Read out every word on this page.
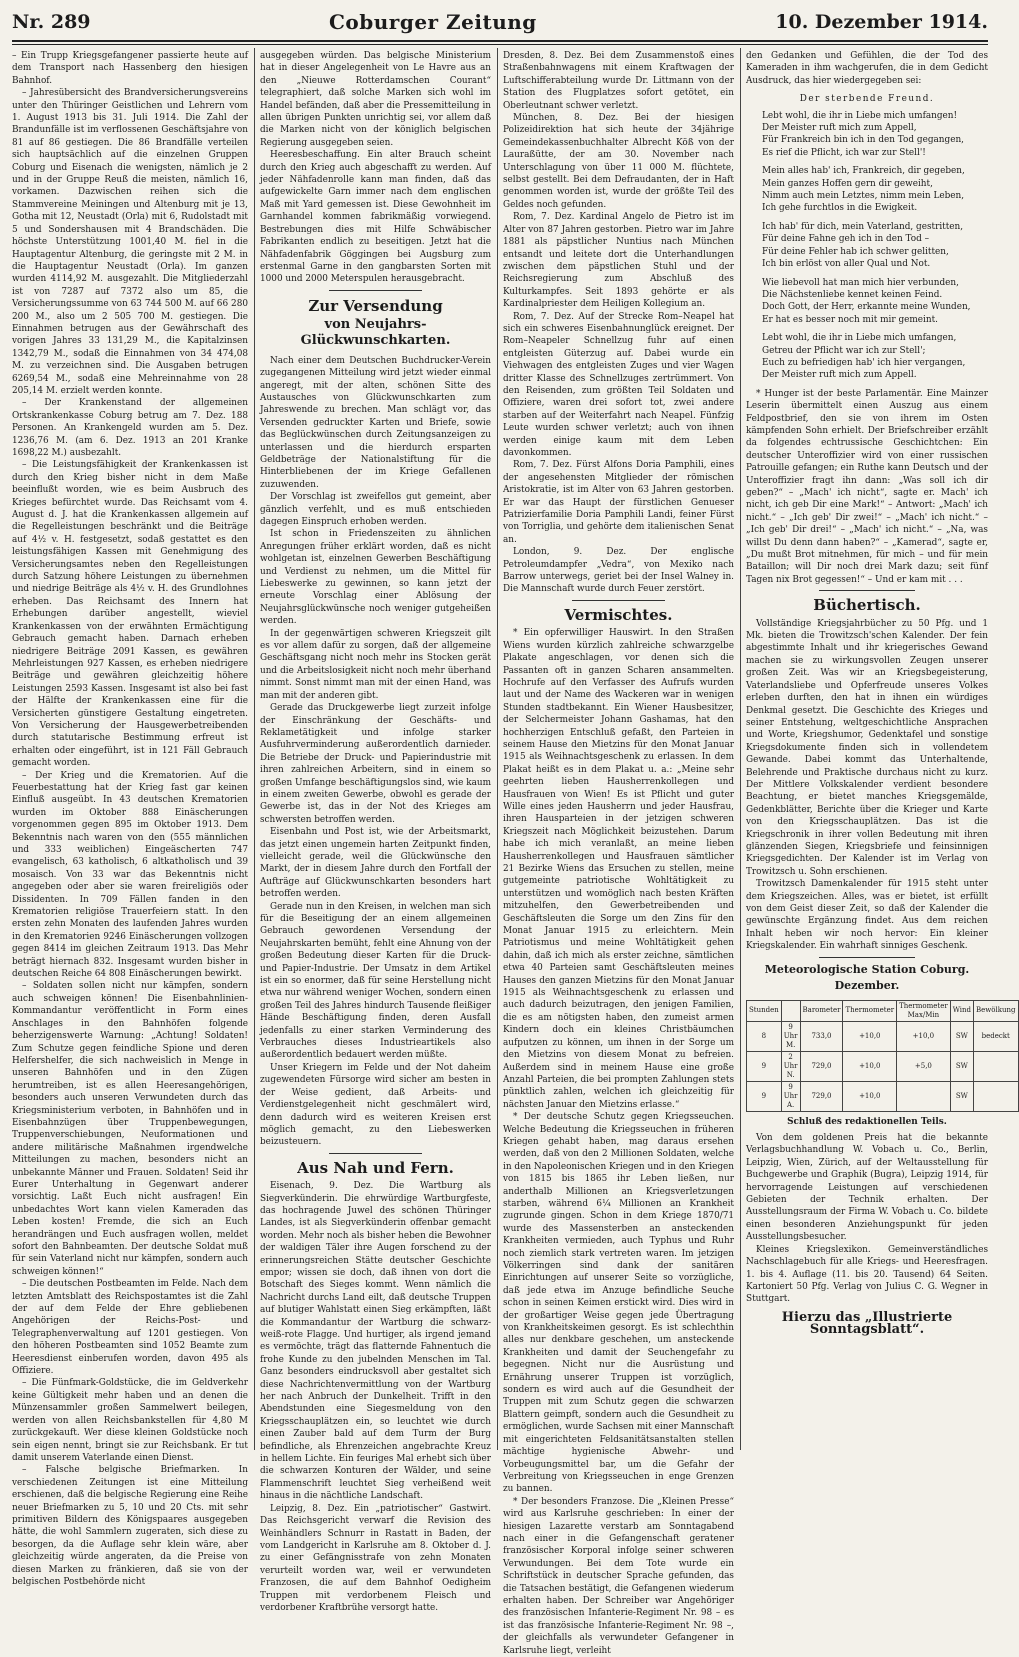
Nr. 289	Coburger Zeitung	10. Dezember 1914.

– Ein Trupp Kriegsgefangener passierte heute auf dem Transport nach Hassenberg den hiesigen Bahnhof.

– Jahresübersicht des Brandversicherungsvereins unter den Thüringer Geistlichen und Lehrern vom 1. August 1913 bis 31. Juli 1914. Die Zahl der Brandunfälle ist im verflossenen Geschäftsjahre von 81 auf 86 gestiegen. Die 86 Brandfälle verteilen sich hauptsächlich auf die einzelnen Gruppen Coburg und Eisenach die wenigsten, nämlich je 2 und in der Gruppe Reuß die meisten, nämlich 16, vorkamen. Dazwischen reihen sich die Stammvereine Meiningen und Altenburg mit je 13, Gotha mit 12, Neustadt (Orla) mit 6, Rudolstadt mit 5 und Sondershausen mit 4 Brandschäden. Die höchste Unterstützung 1001,40 M. fiel in die Hauptagentur Altenburg, die geringste mit 2 M. in die Hauptagentur Neustadt (Orla). Im ganzen wurden 4114,92 M. ausgezahlt. Die Mitgliederzahl ist von 7287 auf 7372 also um 85, die Versicherungssumme von 63 744 500 M. auf 66 280 200 M., also um 2 505 700 M. gestiegen. Die Einnahmen betrugen aus der Gewährschaft des vorigen Jahres 33 131,29 M., die Kapitalzinsen 1342,79 M., sodaß die Einnahmen von 34 474,08 M. zu verzeichnen sind. Die Ausgaben betrugen 6269,54 M., sodaß eine Mehreinnahme von 28 205,14 M. erzielt werden konnte.

– Der Krankenstand der allgemeinen Ortskrankenkasse Coburg betrug am 7. Dez. 188 Personen. An Krankengeld wurden am 5. Dez. 1236,76 M. (am 6. Dez. 1913 an 201 Kranke 1698,22 M.) ausbezahlt.

– Die Leistungsfähigkeit der Krankenkassen ist durch den Krieg bisher nicht in dem Maße beeinflußt worden, wie es beim Ausbruch des Krieges befürchtet wurde. Das Reichsamt vom 4. August d. J. hat die Krankenkassen allgemein auf die Regelleistungen beschränkt und die Beiträge auf 4½ v. H. festgesetzt, sodaß gestattet es den leistungsfähigen Kassen mit Genehmigung des Versicherungsamtes neben den Regelleistungen durch Satzung höhere Leistungen zu übernehmen und niedrige Beiträge als 4½ v. H. des Grundlohnes erheben. Das Reichsamt des Innern hat Erhebungen darüber angestellt, wieviel Krankenkassen von der erwähnten Ermächtigung Gebrauch gemacht haben. Darnach erheben niedrigere Beiträge 2091 Kassen, es gewähren Mehrleistungen 927 Kassen, es erheben niedrigere Beiträge und gewähren gleichzeitig höhere Leistungen 2593 Kassen. Insgesamt ist also bei fast der Hälfte der Krankenkassen eine für die Versicherten günstigere Gestaltung eingetreten. Von Versicherung der Hausgewerbetreibenden durch statutarische Bestimmung erfreut ist erhalten oder eingeführt, ist in 121 Fäll Gebrauch gemacht worden.

– Der Krieg und die Krematorien. Auf die Feuerbestattung hat der Krieg fast gar keinen Einfluß ausgeübt. In 43 deutschen Krematorien wurden im Oktober 888 Einäscherungen vorgenommen gegen 895 im Oktober 1913. Dem Bekenntnis nach waren von den (555 männlichen und 333 weiblichen) Eingeäscherten 747 evangelisch, 63 katholisch, 6 altkatholisch und 39 mosaisch. Von 33 war das Bekenntnis nicht angegeben oder aber sie waren freireligiös oder Dissidenten. In 709 Fällen fanden in den Krematorien religiöse Trauerfeiern statt. In den ersten zehn Monaten des laufenden Jahres wurden in den Krematorien 9246 Einäscherungen vollzogen gegen 8414 im gleichen Zeitraum 1913. Das Mehr beträgt hiernach 832. Insgesamt wurden bisher in deutschen Reiche 64 808 Einäscherungen bewirkt.

– Soldaten sollen nicht nur kämpfen, sondern auch schweigen können! Die Eisenbahnlinien-Kommandantur veröffentlicht in Form eines Anschlages in den Bahnhöfen folgende beherzigenswerte Warnung: „Achtung! Soldaten! Zum Schutze gegen feindliche Spione und deren Helfershelfer, die sich nachweislich in Menge in unseren Bahnhöfen und in den Zügen herumtreiben, ist es allen Heeresangehörigen, besonders auch unseren Verwundeten durch das Kriegsministerium verboten, in Bahnhöfen und in Eisenbahnzügen über Truppenbewegungen, Truppenverschiebungen, Neuformationen und andere militärische Maßnahmen irgendwelche Mitteilungen zu machen, besonders nicht an unbekannte Männer und Frauen. Soldaten! Seid ihr Eurer Unterhaltung in Gegenwart anderer vorsichtig. Laßt Euch nicht ausfragen! Ein unbedachtes Wort kann vielen Kameraden das Leben kosten! Fremde, die sich an Euch herandrängen und Euch ausfragen wollen, meldet sofort den Bahnbeamten. Der deutsche Soldat muß für sein Vaterland nicht nur kämpfen, sondern auch schweigen können!“

– Die deutschen Postbeamten im Felde. Nach dem letzten Amtsblatt des Reichspostamtes ist die Zahl der auf dem Felde der Ehre gebliebenen Angehörigen der Reichs-Post- und Telegraphenverwaltung auf 1201 gestiegen. Von den höheren Postbeamten sind 1052 Beamte zum Heeresdienst einberufen worden, davon 495 als Offiziere.

– Die Fünfmark-Goldstücke, die im Geldverkehr keine Gültigkeit mehr haben und an denen die Münzensammler großen Sammelwert beilegen, werden von allen Reichsbankstellen für 4,80 M zurückgekauft. Wer diese kleinen Goldstücke noch sein eigen nennt, bringt sie zur Reichsbank. Er tut damit unserem Vaterlande einen Dienst.

– Falsche belgische Briefmarken. In verschiedenen Zeitungen ist eine Mitteilung erschienen, daß die belgische Regierung eine Reihe neuer Briefmarken zu 5, 10 und 20 Cts. mit sehr primitiven Bildern des Königspaares ausgegeben hätte, die wohl Sammlern zugeraten, sich diese zu besorgen, da die Auflage sehr klein wäre, aber gleichzeitig würde angeraten, da die Preise von diesen Marken zu fränkieren, daß sie von der belgischen Postbehörde nicht

ausgegeben würden. Das belgische Ministerium hat in dieser Angelegenheit von Le Havre aus an den „Nieuwe Rotterdamschen Courant“ telegraphiert, daß solche Marken sich wohl im Handel befänden, daß aber die Pressemitteilung in allen übrigen Punkten unrichtig sei, vor allem daß die Marken nicht von der königlich belgischen Regierung ausgegeben seien.

Heeresbeschaffung. Ein alter Brauch scheint durch den Krieg auch abgeschafft zu werden. Auf jeder Nähfadenrolle kann man finden, daß das aufgewickelte Garn immer nach dem englischen Maß mit Yard gemessen ist. Diese Gewohnheit im Garnhandel kommen fabrikmäßig vorwiegend. Bestrebungen dies mit Hilfe Schwäbischer Fabrikanten endlich zu beseitigen. Jetzt hat die Nähfadenfabrik Göggingen bei Augsburg zum erstenmal Garne in den gangbarsten Sorten mit 1000 und 2000 Meterspulen herausgebracht.

Zur Versendung
von Neujahrs-Glückwunschkarten.

Nach einer dem Deutschen Buchdrucker-Verein zugegangenen Mitteilung wird jetzt wieder einmal angeregt, mit der alten, schönen Sitte des Austausches von Glückwunschkarten zum Jahreswende zu brechen. Man schlägt vor, das Versenden gedruckter Karten und Briefe, sowie das Beglückwünschen durch Zeitungsanzeigen zu unterlassen und die hierdurch ersparten Geldbeträge der Nationalstiftung für die Hinterbliebenen der im Kriege Gefallenen zuzuwenden.

Der Vorschlag ist zweifellos gut gemeint, aber gänzlich verfehlt, und es muß entschieden dagegen Einspruch erhoben werden.

Ist schon in Friedenszeiten zu ähnlichen Anregungen früher erklärt worden, daß es nicht wohlgetan ist, einzelnen Gewerben Beschäftigung und Verdienst zu nehmen, um die Mittel für Liebeswerke zu gewinnen, so kann jetzt der erneute Vorschlag einer Ablösung der Neujahrsglückwünsche noch weniger gutgeheißen werden.

In der gegenwärtigen schweren Kriegszeit gilt es vor allem dafür zu sorgen, daß der allgemeine Geschäftsgang nicht noch mehr ins Stocken gerät und die Arbeitslosigkeit nicht noch mehr überhand nimmt. Sonst nimmt man mit der einen Hand, was man mit der anderen gibt.

Gerade das Druckgewerbe liegt zurzeit infolge der Einschränkung der Geschäfts- und Reklametätigkeit und infolge starker Ausfuhrverminderung außerordentlich darnieder. Die Betriebe der Druck- und Papierindustrie mit ihren zahlreichen Arbeitern, sind in einem so großen Umfange beschäftigungslos sind, wie kaum in einem zweiten Gewerbe, obwohl es gerade der Gewerbe ist, das in der Not des Krieges am schwersten betroffen werden.

Eisenbahn und Post ist, wie der Arbeitsmarkt, das jetzt einen ungemein harten Zeitpunkt finden, vielleicht gerade, weil die Glückwünsche den Markt, der in diesem Jahre durch den Fortfall der Aufträge auf Glückwunschkarten besonders hart betroffen werden.

Gerade nun in den Kreisen, in welchen man sich für die Beseitigung der an einem allgemeinen Gebrauch gewordenen Versendung der Neujahrskarten bemüht, fehlt eine Ahnung von der großen Bedeutung dieser Karten für die Druck- und Papier-Industrie. Der Umsatz in dem Artikel ist ein so enormer, daß für seine Herstellung nicht etwa nur während weniger Wochen, sondern einen großen Teil des Jahres hindurch Tausende fleißiger Hände Beschäftigung finden, deren Ausfall jedenfalls zu einer starken Verminderung des Verbrauches dieses Industrieartikels also außerordentlich bedauert werden müßte.

Unser Kriegern im Felde und der Not daheim zugewendeten Fürsorge wird sicher am besten in der Weise gedient, daß Arbeits- und Verdienstgelegenheit nicht geschmälert wird, denn dadurch wird es weiteren Kreisen erst möglich gemacht, zu den Liebeswerken beizusteuern.

Aus Nah und Fern.

Eisenach, 9. Dez. Die Wartburg als Siegverkünderin. Die ehrwürdige Wartburgfeste, das hochragende Juwel des schönen Thüringer Landes, ist als Siegverkünderin offenbar gemacht worden. Mehr noch als bisher heben die Bewohner der waldigen Täler ihre Augen forschend zu der erinnerungsreichen Stätte deutscher Geschichte empor; wissen sie doch, daß ihnen von dort die Botschaft des Sieges kommt. Wenn nämlich die Nachricht durchs Land eilt, daß deutsche Truppen auf blutiger Wahlstatt einen Sieg erkämpften, läßt die Kommandantur der Wartburg die schwarz-weiß-rote Flagge. Und hurtiger, als irgend jemand es vermöchte, trägt das flatternde Fahnentuch die frohe Kunde zu den jubelnden Menschen im Tal. Ganz besonders eindrucksvoll aber gestaltet sich diese Nachrichtenvermittlung von der Wartburg her nach Anbruch der Dunkelheit. Trifft in den Abendstunden eine Siegesmeldung von den Kriegsschauplätzen ein, so leuchtet wie durch einen Zauber bald auf dem Turm der Burg befindliche, als Ehrenzeichen angebrachte Kreuz in hellem Lichte. Ein feuriges Mal erhebt sich über die schwarzen Konturen der Wälder, und seine Flammenschrift leuchtet Sieg verheißend weit hinaus in die nächtliche Landschaft.

Leipzig, 8. Dez. Ein „patriotischer“ Gastwirt. Das Reichsgericht verwarf die Revision des Weinhändlers Schnurr in Rastatt in Baden, der vom Landgericht in Karlsruhe am 8. Oktober d. J. zu einer Gefängnisstrafe von zehn Monaten verurteilt worden war, weil er verwundeten Franzosen, die auf dem Bahnhof Oedigheim Truppen mit verdorbenem Fleisch und verdorbener Kraftbrühe versorgt hatte.

Dresden, 8. Dez. Bei dem Zusammenstoß eines Straßenbahnwagens mit einem Kraftwagen der Luftschifferabteilung wurde Dr. Littmann von der Station des Flugplatzes sofort getötet, ein Oberleutnant schwer verletzt.

München, 8. Dez. Bei der hiesigen Polizeidirektion hat sich heute der 34jährige Gemeindekassenbuchhalter Albrecht Köß von der Lauraßütte, der am 30. November nach Unterschlagung von über 11 000 M. flüchtete, selbst gestellt. Bei dem Defraudanten, der in Haft genommen worden ist, wurde der größte Teil des Geldes noch gefunden.

Rom, 7. Dez. Kardinal Angelo de Pietro ist im Alter von 87 Jahren gestorben. Pietro war im Jahre 1881 als päpstlicher Nuntius nach München entsandt und leitete dort die Unterhandlungen zwischen dem päpstlichen Stuhl und der Reichsregierung zum Abschluß des Kulturkampfes. Seit 1893 gehörte er als Kardinalpriester dem Heiligen Kollegium an.

Rom, 7. Dez. Auf der Strecke Rom–Neapel hat sich ein schweres Eisenbahnunglück ereignet. Der Rom–Neapeler Schnellzug fuhr auf einen entgleisten Güterzug auf. Dabei wurde ein Viehwagen des entgleisten Zuges und vier Wagen dritter Klasse des Schnellzuges zertrümmert. Von den Reisenden, zum größten Teil Soldaten und Offiziere, waren drei sofort tot, zwei andere starben auf der Weiterfahrt nach Neapel. Fünfzig Leute wurden schwer verletzt; auch von ihnen werden einige kaum mit dem Leben davonkommen.

Rom, 7. Dez. Fürst Alfons Doria Pamphili, eines der angesehensten Mitglieder der römischen Aristokratie, ist im Alter von 63 Jahren gestorben. Er war das Haupt der fürstlichen Genueser Patrizierfamilie Doria Pamphili Landi, feiner Fürst von Torriglia, und gehörte dem italienischen Senat an.

London, 9. Dez. Der englische Petroleumdampfer „Vedra“, von Mexiko nach Barrow unterwegs, geriet bei der Insel Walney in. Die Mannschaft wurde durch Feuer zerstört.

Vermischtes.

* Ein opferwilliger Hauswirt. In den Straßen Wiens wurden kürzlich zahlreiche schwarzgelbe Plakate angeschlagen, vor denen sich die Passanten oft in ganzen Scharen ansammelten. Hochrufe auf den Verfasser des Aufrufs wurden laut und der Name des Wackeren war in wenigen Stunden stadtbekannt. Ein Wiener Hausbesitzer, der Selchermeister Johann Gashamas, hat den hochherzigen Entschluß gefaßt, den Parteien in seinem Hause den Mietzins für den Monat Januar 1915 als Weihnachtsgeschenk zu erlassen. In dem Plakat heißt es in dem Plakat u. a.: „Meine sehr geehrten lieben Hausherrenkollegen und Hausfrauen von Wien! Es ist Pflicht und guter Wille eines jeden Hausherrn und jeder Hausfrau, ihren Hausparteien in der jetzigen schweren Kriegszeit nach Möglichkeit beizustehen. Darum habe ich mich veranlaßt, an meine lieben Hausherrenkollegen und Hausfrauen sämtlicher 21 Bezirke Wiens das Ersuchen zu stellen, meine gutgemeinte patriotische Wohltätigkeit zu unterstützen und womöglich nach besten Kräften mitzuhelfen, den Gewerbetreibenden und Geschäftsleuten die Sorge um den Zins für den Monat Januar 1915 zu erleichtern. Mein Patriotismus und meine Wohltätigkeit gehen dahin, daß ich mich als erster zeichne, sämtlichen etwa 40 Parteien samt Geschäftsleuten meines Hauses den ganzen Mietzins für den Monat Januar 1915 als Weihnachtsgeschenk zu erlassen und auch dadurch beizutragen, den jenigen Familien, die es am nötigsten haben, den zumeist armen Kindern doch ein kleines Christbäumchen aufputzen zu können, um ihnen in der Sorge um den Mietzins von diesem Monat zu befreien. Außerdem sind in meinem Hause eine große Anzahl Parteien, die bei prompten Zahlungen stets pünktlich zahlen, welchen ich gleichzeitig für nächsten Januar den Mietzins erlasse.“

* Der deutsche Schutz gegen Kriegsseuchen. Welche Bedeutung die Kriegsseuchen in früheren Kriegen gehabt haben, mag daraus ersehen werden, daß von den 2 Millionen Soldaten, welche in den Napoleonischen Kriegen und in den Kriegen von 1815 bis 1865 ihr Leben ließen, nur anderthalb Millionen an Kriegsverletzungen starben, während 6¼ Millionen an Krankheit zugrunde gingen. Schon in dem Kriege 1870/71 wurde des Massensterben an ansteckenden Krankheiten vermieden, auch Typhus und Ruhr noch ziemlich stark vertreten waren. Im jetzigen Völkerringen sind dank der sanitären Einrichtungen auf unserer Seite so vorzügliche, daß jede etwa im Anzuge befindliche Seuche schon in seinen Keimen erstickt wird. Dies wird in der großartiger Weise gegen jede Übertragung von Krankheitskeimen gesorgt. Es ist schlechthin alles nur denkbare geschehen, um ansteckende Krankheiten und damit der Seuchengefahr zu begegnen. Nicht nur die Ausrüstung und Ernährung unserer Truppen ist vorzüglich, sondern es wird auch auf die Gesundheit der Truppen mit zum Schutz gegen die schwarzen Blattern geimpft, sondern auch die Gesundheit zu ermöglichen, wurde Sachsen mit einer Mannschaft mit eingerichteten Feldsanitätsanstalten stellen mächtige hygienische Abwehr- und Vorbeugungsmittel bar, um die Gefahr der Verbreitung von Kriegsseuchen in enge Grenzen zu bannen.

* Der besonders Franzose. Die „Kleinen Presse“ wird aus Karlsruhe geschrieben: In einer der hiesigen Lazarette verstarb am Sonntagabend nach einer in die Gefangenschaft geratener französischer Korporal infolge seiner schweren Verwundungen. Bei dem Tote wurde ein Schriftstück in deutscher Sprache gefunden, das die Tatsachen bestätigt, die Gefangenen wiederum erhalten haben. Der Schreiber war Angehöriger des französischen Infanterie-Regiment Nr. 98 – es ist das französische Infanterie-Regiment Nr. 98 –, der gleichfalls als verwundeter Gefangener in Karlsruhe liegt, verleiht

den Gedanken und Gefühlen, die der Tod des Kameraden in ihm wachgerufen, die in dem Gedicht Ausdruck, das hier wiedergegeben sei:

Der sterbende Freund.
Lebt wohl, die ihr in Liebe mich umfangen!
Der Meister ruft mich zum Appell,
Für Frankreich bin ich in den Tod gegangen,
Es rief die Pflicht, ich war zur Stell'!
Mein alles hab' ich, Frankreich, dir gegeben,
Mein ganzes Hoffen gern dir geweiht,
Nimm auch mein Letztes, nimm mein Leben,
Ich gehe furchtlos in die Ewigkeit.
Ich hab' für dich, mein Vaterland, gestritten,
Für deine Fahne geh ich in den Tod –
Für deine Fehler hab ich schwer gelitten,
Ich bin erlöst von aller Qual und Not.
Wie liebevoll hat man mich hier verbunden,
Die Nächstenliebe kennet keinen Feind.
Doch Gott, der Herr, erkannte meine Wunden,
Er hat es besser noch mit mir gemeint.
Lebt wohl, die ihr in Liebe mich umfangen,
Getreu der Pflicht war ich zur Stell';
Euch zu befriedigen hab' ich hier vergangen,
Der Meister ruft mich zum Appell.

* Hunger ist der beste Parlamentär. Eine Mainzer Leserin übermittelt einen Auszug aus einem Feldpostbrief, den sie von ihrem im Osten kämpfenden Sohn erhielt. Der Briefschreiber erzählt da folgendes echtrussische Geschichtchen: Ein deutscher Unteroffizier wird von einer russischen Patrouille gefangen; ein Ruthe kann Deutsch und der Unteroffizier fragt ihn dann: „Was soll ich dir geben?“ – „Mach' ich nicht“, sagte er. Mach' ich nicht, ich geb Dir eine Mark!“ – Antwort: „Mach' ich nicht.“ – „Ich geb' Dir zwei!“ – „Mach' ich nicht.“ – „Ich geb' Dir drei!“ – „Mach' ich nicht.“ – „Na, was willst Du denn dann haben?“ – „Kamerad“, sagte er, „Du mußt Brot mitnehmen, für mich – und für mein Bataillon; will Dir noch drei Mark dazu; seit fünf Tagen nix Brot gegessen!“ – Und er kam mit . . .

Büchertisch.

Vollständige Kriegsjahrbücher zu 50 Pfg. und 1 Mk. bieten die Trowitzsch'schen Kalender. Der fein abgestimmte Inhalt und ihr kriegerisches Gewand machen sie zu wirkungsvollen Zeugen unserer großen Zeit. Was wir an Kriegsbegeisterung, Vaterlandsliebe und Opferfreude unseres Volkes erleben durften, den hat in ihnen ein würdiges Denkmal gesetzt. Die Geschichte des Krieges und seiner Entstehung, weltgeschichtliche Ansprachen und Worte, Kriegshumor, Gedenktafel und sonstige Kriegsdokumente finden sich in vollendetem Gewande. Dabei kommt das Unterhaltende, Belehrende und Praktische durchaus nicht zu kurz. Der Mittlere Volkskalender verdient besondere Beachtung, er bietet manches Kriegsgemälde, Gedenkblätter, Berichte über die Krieger und Karte von den Kriegsschauplätzen. Das ist die Kriegschronik in ihrer vollen Bedeutung mit ihren glänzenden Siegen, Kriegsbriefe und feinsinnigen Kriegsgedichten. Der Kalender ist im Verlag von Trowitzsch u. Sohn erschienen.

Trowitzsch Damenkalender für 1915 steht unter dem Kriegszeichen. Alles, was er bietet, ist erfüllt von dem Geist dieser Zeit, so daß der Kalender die gewünschte Ergänzung findet. Aus dem reichen Inhalt heben wir noch hervor: Ein kleiner Kriegskalender. Ein wahrhaft sinniges Geschenk.

Meteorologische Station Coburg. Dezember.
Stunden		Barometer	Thermometer	Thermometer Max/Min	Wind	Bewölkung
8	9 Uhr M.	733,0	+10,0	+10,0	SW	bedeckt
9	2 Uhr N.	729,0	+10,0	+5,0	SW	
9	9 Uhr A.	729,0	+10,0		SW	
Schluß des redaktionellen Teils.

Von dem goldenen Preis hat die bekannte Verlagsbuchhandlung W. Vobach u. Co., Berlin, Leipzig, Wien, Zürich, auf der Weltausstellung für Buchgewerbe und Graphik (Bugra), Leipzig 1914, für hervorragende Leistungen auf verschiedenen Gebieten der Technik erhalten. Der Ausstellungsraum der Firma W. Vobach u. Co. bildete einen besonderen Anziehungspunkt für jeden Ausstellungsbesucher.

Kleines Kriegslexikon. Gemeinverständliches Nachschlagebuch für alle Kriegs- und Heeresfragen. 1. bis 4. Auflage (11. bis 20. Tausend) 64 Seiten. Kartoniert 50 Pfg. Verlag von Julius C. G. Wegner in Stuttgart.

Hierzu das „Illustrierte Sonntagsblatt“.
